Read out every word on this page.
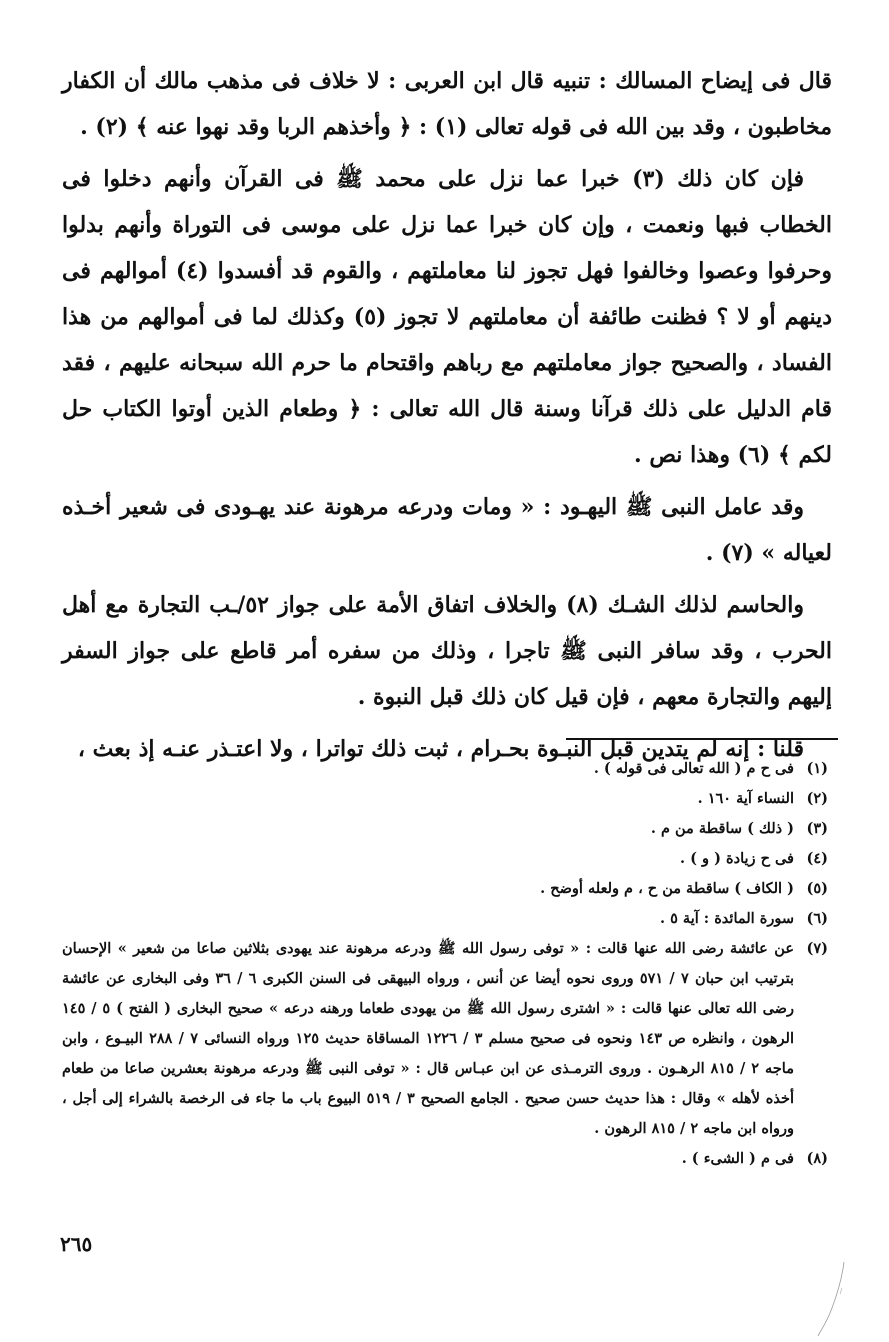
قال فى إيضاح المسالك : تنبيه قال ابن العربى : لا خلاف فى مذهب مالك أن الكفار مخاطبون ، وقد بين الله فى قوله تعالى (١) : ﴿ وأخذهم الربا وقد نهوا عنه ﴾ (٢) .

فإن كان ذلك (٣) خبرا عما نزل على محمد ﷺ فى القرآن وأنهم دخلوا فى الخطاب فبها ونعمت ، وإن كان خبرا عما نزل على موسى فى التوراة وأنهم بدلوا وحرفوا وعصوا وخالفوا فهل تجوز لنا معاملتهم ، والقوم قد أفسدوا (٤) أموالهم فى دينهم أو لا ؟ فظنت طائفة أن معاملتهم لا تجوز (٥) وكذلك لما فى أموالهم من هذا الفساد ، والصحيح جواز معاملتهم مع رباهم واقتحام ما حرم الله سبحانه عليهم ، فقد قام الدليل على ذلك قرآنا وسنة قال الله تعالى : ﴿ وطعام الذين أوتوا الكتاب حل لكم ﴾ (٦) وهذا نص .

وقد عامل النبى ﷺ اليهـود : « ومات ودرعه مرهونة عند يهـودى فى شعير أخـذه لعياله » (٧) .

والحاسم لذلك الشـك (٨) والخلاف اتفاق الأمة على جواز ٥٢/ـب التجارة مع أهل الحرب ، وقد سافر النبى ﷺ تاجرا ، وذلك من سفره أمر قاطع على جواز السفر إليهم والتجارة معهم ، فإن قيل كان ذلك قبل النبوة .

قلنا : إنه لم يتدين قبل النبـوة بحـرام ، ثبت ذلك تواترا ، ولا اعتـذر عنـه إذ بعث ،

(١)
فى ح م ( الله تعالى فى قوله ) .
(٢)
النساء آية ١٦٠ .
(٣)
( ذلك ) ساقطة من م .
(٤)
فى ح زيادة ( و ) .
(٥)
( الكاف ) ساقطة من ح ، م ولعله أوضح .
(٦)
سورة المائدة : آية ٥ .
(٧)
عن عائشة رضى الله عنها قالت : « توفى رسول الله ﷺ ودرعه مرهونة عند يهودى بثلاثين صاعا من شعير » الإحسان بترتيب ابن حبان ٧ / ٥٧١ وروى نحوه أيضا عن أنس ، ورواه البيهقى فى السنن الكبرى ٦ / ٣٦ وفى البخارى عن عائشة رضى الله تعالى عنها قالت : « اشترى رسول الله ﷺ من يهودى طعاما ورهنه درعه » صحيح البخارى ( الفتح ) ٥ / ١٤٥ الرهون ، وانظره ص ١٤٣ ونحوه فى صحيح مسلم ٣ / ١٢٢٦ المساقاة حديث ١٢٥ ورواه النسائى ٧ / ٢٨٨ البيـوع ، وابن ماجه ٢ / ٨١٥ الرهـون . وروى الترمـذى عن ابن عبـاس قال : « توفى النبى ﷺ ودرعه مرهونة بعشرين صاعا من طعام أخذه لأهله » وقال : هذا حديث حسن صحيح . الجامع الصحيح ٣ / ٥١٩ البيوع باب ما جاء فى الرخصة بالشراء إلى أجل ، ورواه ابن ماجه ٢ / ٨١٥ الرهون .
(٨)
فى م ( الشىء ) .
٢٦٥
